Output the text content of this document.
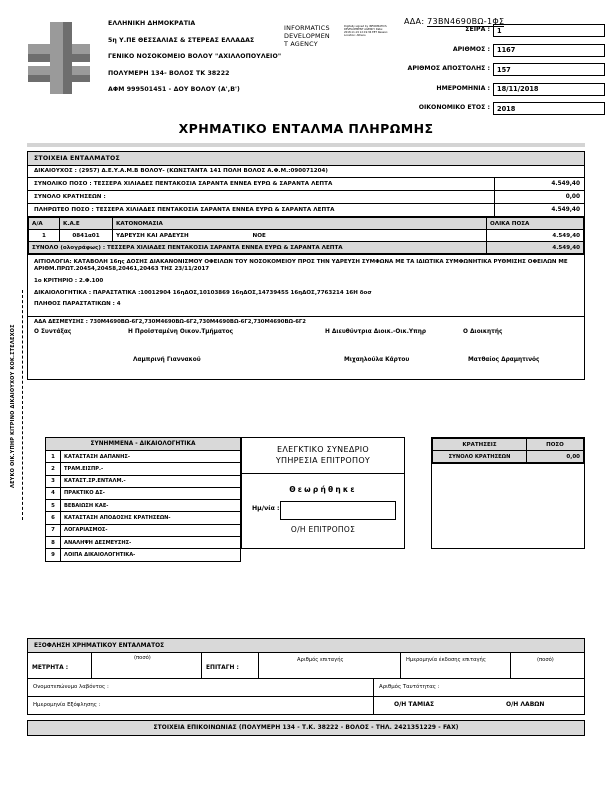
ΕΛΛΗΝΙΚΗ ΔΗΜΟΚΡΑΤΙΑ
5η Υ.ΠΕ ΘΕΣΣΑΛΙΑΣ & ΣΤΕΡΕΑΣ ΕΛΛΑΔΑΣ
ΓΕΝΙΚΟ ΝΟΣΟΚΟΜΕΙΟ ΒΟΛΟΥ "ΑΧΙΛΛΟΠΟΥΛΕΙΟ"
ΠΟΛΥΜΕΡΗ 134- ΒΟΛΟΣ ΤΚ 38222
ΑΦΜ 999501451 - ΔΟΥ ΒΟΛΟΥ (Α',Β')
INFORMATICS
DEVELOPMEN
T AGENCY
Digitally signed by INFORMATICS DEVELOPMENT AGENCY Date: 2018.11.19 12:19:36 EET Reason: Location: Athens
ΑΔΑ: 73ΒΝ4690ΒΩ-1ΦΣ
ΣΕΙΡΑ :	1
ΑΡΙΘΜΟΣ :	1167
ΑΡΙΘΜΟΣ ΑΠΟΣΤΟΛΗΣ :	157
ΗΜΕΡΟΜΗΝΙΑ :	18/11/2018
ΟΙΚΟΝΟΜΙΚΟ ΕΤΟΣ :	2018
ΧΡΗΜΑΤΙΚΟ ΕΝΤΑΛΜΑ ΠΛΗΡΩΜΗΣ
ΣΤΟΙΧΕΙΑ ΕΝΤΑΛΜΑΤΟΣ
ΔΙΚΑΙΟΥΧΟΣ : (2957) Δ.Ε.Υ.Α.Μ.Β ΒΟΛΟΥ- (ΚΩΝΣΤΑΝΤΑ 141 ΠΟΛΗ ΒΟΛΟΣ Α.Φ.Μ.:090071204)
ΣΥΝΟΛΙΚΟ ΠΟΣΟ : ΤΕΣΣΕΡΑ ΧΙΛΙΑΔΕΣ ΠΕΝΤΑΚΟΣΙΑ ΣΑΡΑΝΤΑ ΕΝΝΕΑ ΕΥΡΩ & ΣΑΡΑΝΤΑ ΛΕΠΤΑ	4.549,40
ΣΥΝΟΛΟ ΚΡΑΤΗΣΕΩΝ :	0,00
ΠΛΗΡΩΤΕΟ ΠΟΣΟ : ΤΕΣΣΕΡΑ ΧΙΛΙΑΔΕΣ ΠΕΝΤΑΚΟΣΙΑ ΣΑΡΑΝΤΑ ΕΝΝΕΑ ΕΥΡΩ & ΣΑΡΑΝΤΑ ΛΕΠΤΑ	4.549,40
Α/Α	Κ.Α.Ε	ΚΑΤΟΝΟΜΑΣΙΑ	ΟΛΙΚΑ ΠΟΣΑ
1	0841α01	ΥΔΡΕΥΣΗ ΚΑΙ ΑΡΔΕΥΣΗ ΝΟΕ	4.549,40
ΣΥΝΟΛΟ (ολογράφως) : ΤΕΣΣΕΡΑ ΧΙΛΙΑΔΕΣ ΠΕΝΤΑΚΟΣΙΑ ΣΑΡΑΝΤΑ ΕΝΝΕΑ ΕΥΡΩ & ΣΑΡΑΝΤΑ ΛΕΠΤΑ			4.549,40

ΑΙΤΙΟΛΟΓΙΑ: ΚΑΤΑΒΟΛΗ 16ης ΔΟΣΗΣ ΔΙΑΚΑΝΟΝΙΣΜΟΥ ΟΦΕΙΛΩΝ ΤΟΥ ΝΟΣΟΚΟΜΕΙΟΥ ΠΡΟΣ ΤΗΝ ΥΔΡΕΥΣΗ ΣΥΜΦΩΝΑ ΜΕ ΤΑ ΙΔΙΩΤΙΚΑ ΣΥΜΦΩΝΗΤΙΚΑ ΡΥΘΜΙΣΗΣ ΟΦΕΙΛΩΝ ΜΕ ΑΡΙΘΜ.ΠΡΩΤ.20454,20458,20461,20463 ΤΗΣ 23/11/2017

1ο ΚΡΙΤΗΡΙΟ : 2.Φ.100

ΔΙΚΑΙΟΛΟΓΗΤΙΚΑ : ΠΑΡΑΣΤΑΤΙΚΑ :10012904 16ηΔΟΣ,10103869 16ηΔΟΣ,14739455 16ηΔΟΣ,7763214 16Η δοσ

ΠΛΗΘΟΣ ΠΑΡΑΣΤΑΤΙΚΩΝ : 4

ΑΔΑ ΔΕΣΜΕΥΣΗΣ : 730Μ4690ΒΩ-6Γ2,730Μ4690ΒΩ-6Γ2,730Μ4690ΒΩ-6Γ2,730Μ4690ΒΩ-6Γ2
Ο Συντάξας	Η Προϊσταμένη Οικον.Τμήματος	Η Διευθύντρια Διοικ.-Οικ.Υπηρ	Ο Διοικητής
Λαμπρινή Γιαννακού	Μιχαηλούλα Κάρτου	Ματθαίος Δραμητινός
ΣΥΝΗΜΜΕΝΑ - ΔΙΚΑΙΟΛΟΓΗΤΙΚΑ
1	ΚΑΤΑΣΤΑΣΗ ΔΑΠΑΝΗΣ-
2	ΤΡΑΜ.ΕΙΣΠΡ.-
3	ΚΑΤΑΣΤ.ΣΡ.ΕΝΤΑΛΜ.-
4	ΠΡΑΚΤΙΚΟ ΔΣ-
5	ΒΕΒΑΙΩΣΗ ΚΑΕ-
6	ΚΑΤΑΣΤΑΣΗ ΑΠΟΔΟΣΗΣ ΚΡΑΤΗΣΕΩΝ-
7	ΛΟΓΑΡΙΑΣΜΟΣ-
8	ΑΝΑΛΗΨΗ ΔΕΣΜΕΥΣΗΣ-
9	ΛΟΙΠΑ ΔΙΚΑΙΟΛΟΓΗΤΙΚΑ-
ΕΛΕΓΚΤΙΚΟ ΣΥΝΕΔΡΙΟ
ΥΠΗΡΕΣΙΑ ΕΠΙΤΡΟΠΟΥ
Θεωρήθηκε
Ημ/νία :
Ο/Η ΕΠΙΤΡΟΠΟΣ
ΚΡΑΤΗΣΕΙΣ	ΠΟΣΟ
ΣΥΝΟΛΟ ΚΡΑΤΗΣΕΩΝ	0,00
ΕΞΟΦΛΗΣΗ ΧΡΗΜΑΤΙΚΟΥ ΕΝΤΑΛΜΑΤΟΣ
ΜΕΤΡΗΤΑ :
(ποσό)
ΕΠΙΤΑΓΗ :
Αριθμός επιταγής	Ημερομηνία έκδοσης επιταγής	(ποσό)
Ονοματεπώνυμο λαβόντος :	Αριθμός Ταυτότητας :
Ημερομηνία Εξόφλησης :	Ο/Η ΤΑΜΙΑΣ	Ο/Η ΛΑΒΩΝ
ΣΤΟΙΧΕΙΑ ΕΠΙΚΟΙΝΩΝΙΑΣ (ΠΟΛΥΜΕΡΗ 134 - Τ.Κ. 38222 - ΒΟΛΟΣ - ΤΗΛ. 2421351229 - FAX)
ΛΕΥΚΟ ΟΙΚ.ΥΠΗΡ ΚΙΤΡΙΝΟ ΔΙΚΑΙΟΥΧΟΥ ΚΟΚ.ΣΤΕΛΕΧΟΣ
